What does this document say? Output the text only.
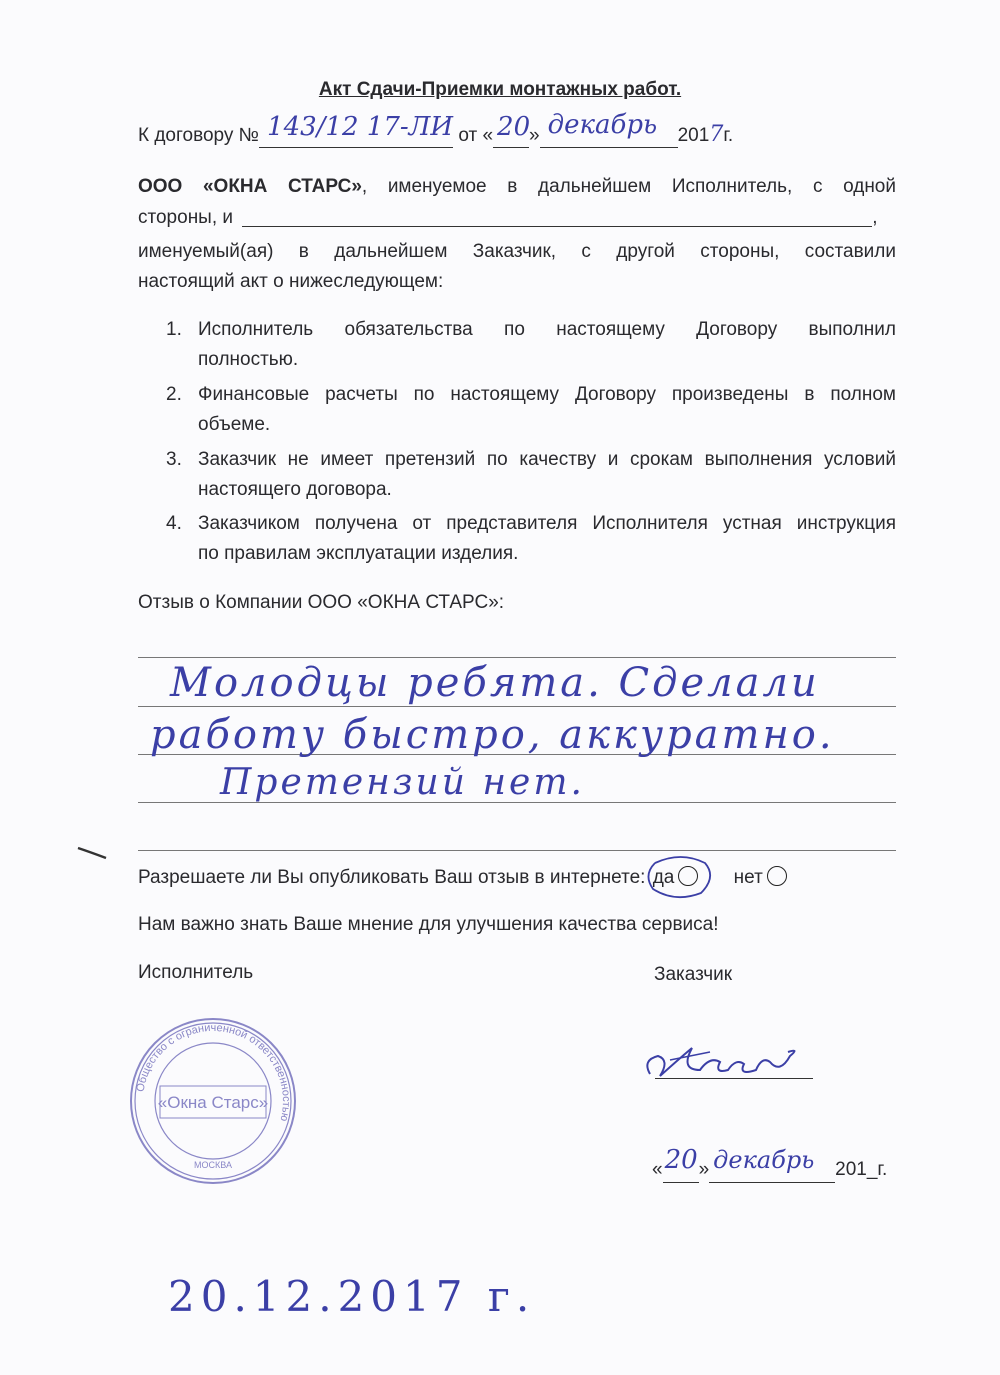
Акт Сдачи-Приемки монтажных работ.
К договору № 143/12 17-ЛИ от « 20
» декабрь 2017г.
ООО «ОКНА СТАРС», именуемое в дальнейшем Исполнитель, с одной
стороны, и	,
именуемый(ая) в дальнейшем Заказчик, с другой стороны, составили
настоящий акт о нижеследующем:
1. Исполнитель обязательства по настоящему Договору выполнил
полностью.
2. Финансовые расчеты по настоящему Договору произведены в полном
объеме.
3. Заказчик не имеет претензий по качеству и срокам выполнения условий
настоящего договора.
4. Заказчиком получена от представителя Исполнителя устная инструкция
по правилам эксплуатации изделия.
Отзыв о Компании ООО «ОКНА СТАРС»:
Молодцы ребята. Сделали
работу быстро, аккуратно.
Претензий нет.
Разрешаете ли Вы опубликовать Ваш отзыв в интернете: да	нет
Нам важно знать Ваше мнение для улучшения качества сервиса!
Исполнитель	Заказчик
Общество с ограниченной ответственностью
«Окна Старс»
МОСКВА	« 20 » декабрь 201_г.
20.12.2017 г.
